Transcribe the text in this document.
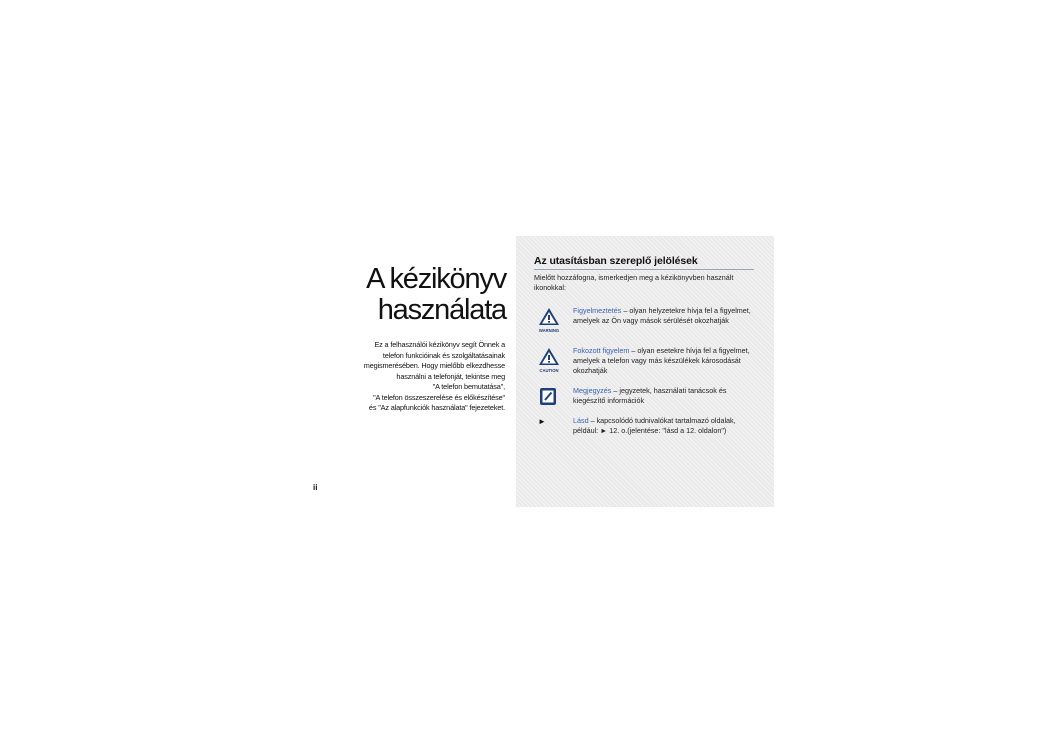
A kézikönyv
használata
Ez a felhasználói kézikönyv segít Önnek a
telefon funkcióinak és szolgáltatásainak
megismerésében. Hogy mielőbb elkezdhesse
használni a telefonját, tekintse meg
"A telefon bemutatása",
"A telefon összeszerelése és előkészítése"
és "Az alapfunkciók használata" fejezeteket.
ii
Az utasításban szereplő jelölések
Mielőtt hozzáfogna, ismerkedjen meg a kézikönyvben használt ikonokkal:
WARNING
Figyelmeztetés – olyan helyzetekre hívja fel a figyelmet, amelyek az Ön vagy mások sérülését okozhatják
CAUTION
Fokozott figyelem – olyan esetekre hívja fel a figyelmet, amelyek a telefon vagy más készülékek károsodását okozhatják
Megjegyzés – jegyzetek, használati tanácsok és kiegészítő információk
►	Lásd – kapcsolódó tudnivalókat tartalmazó oldalak, például: ► 12. o.(jelentése: "lásd a 12. oldalon")
